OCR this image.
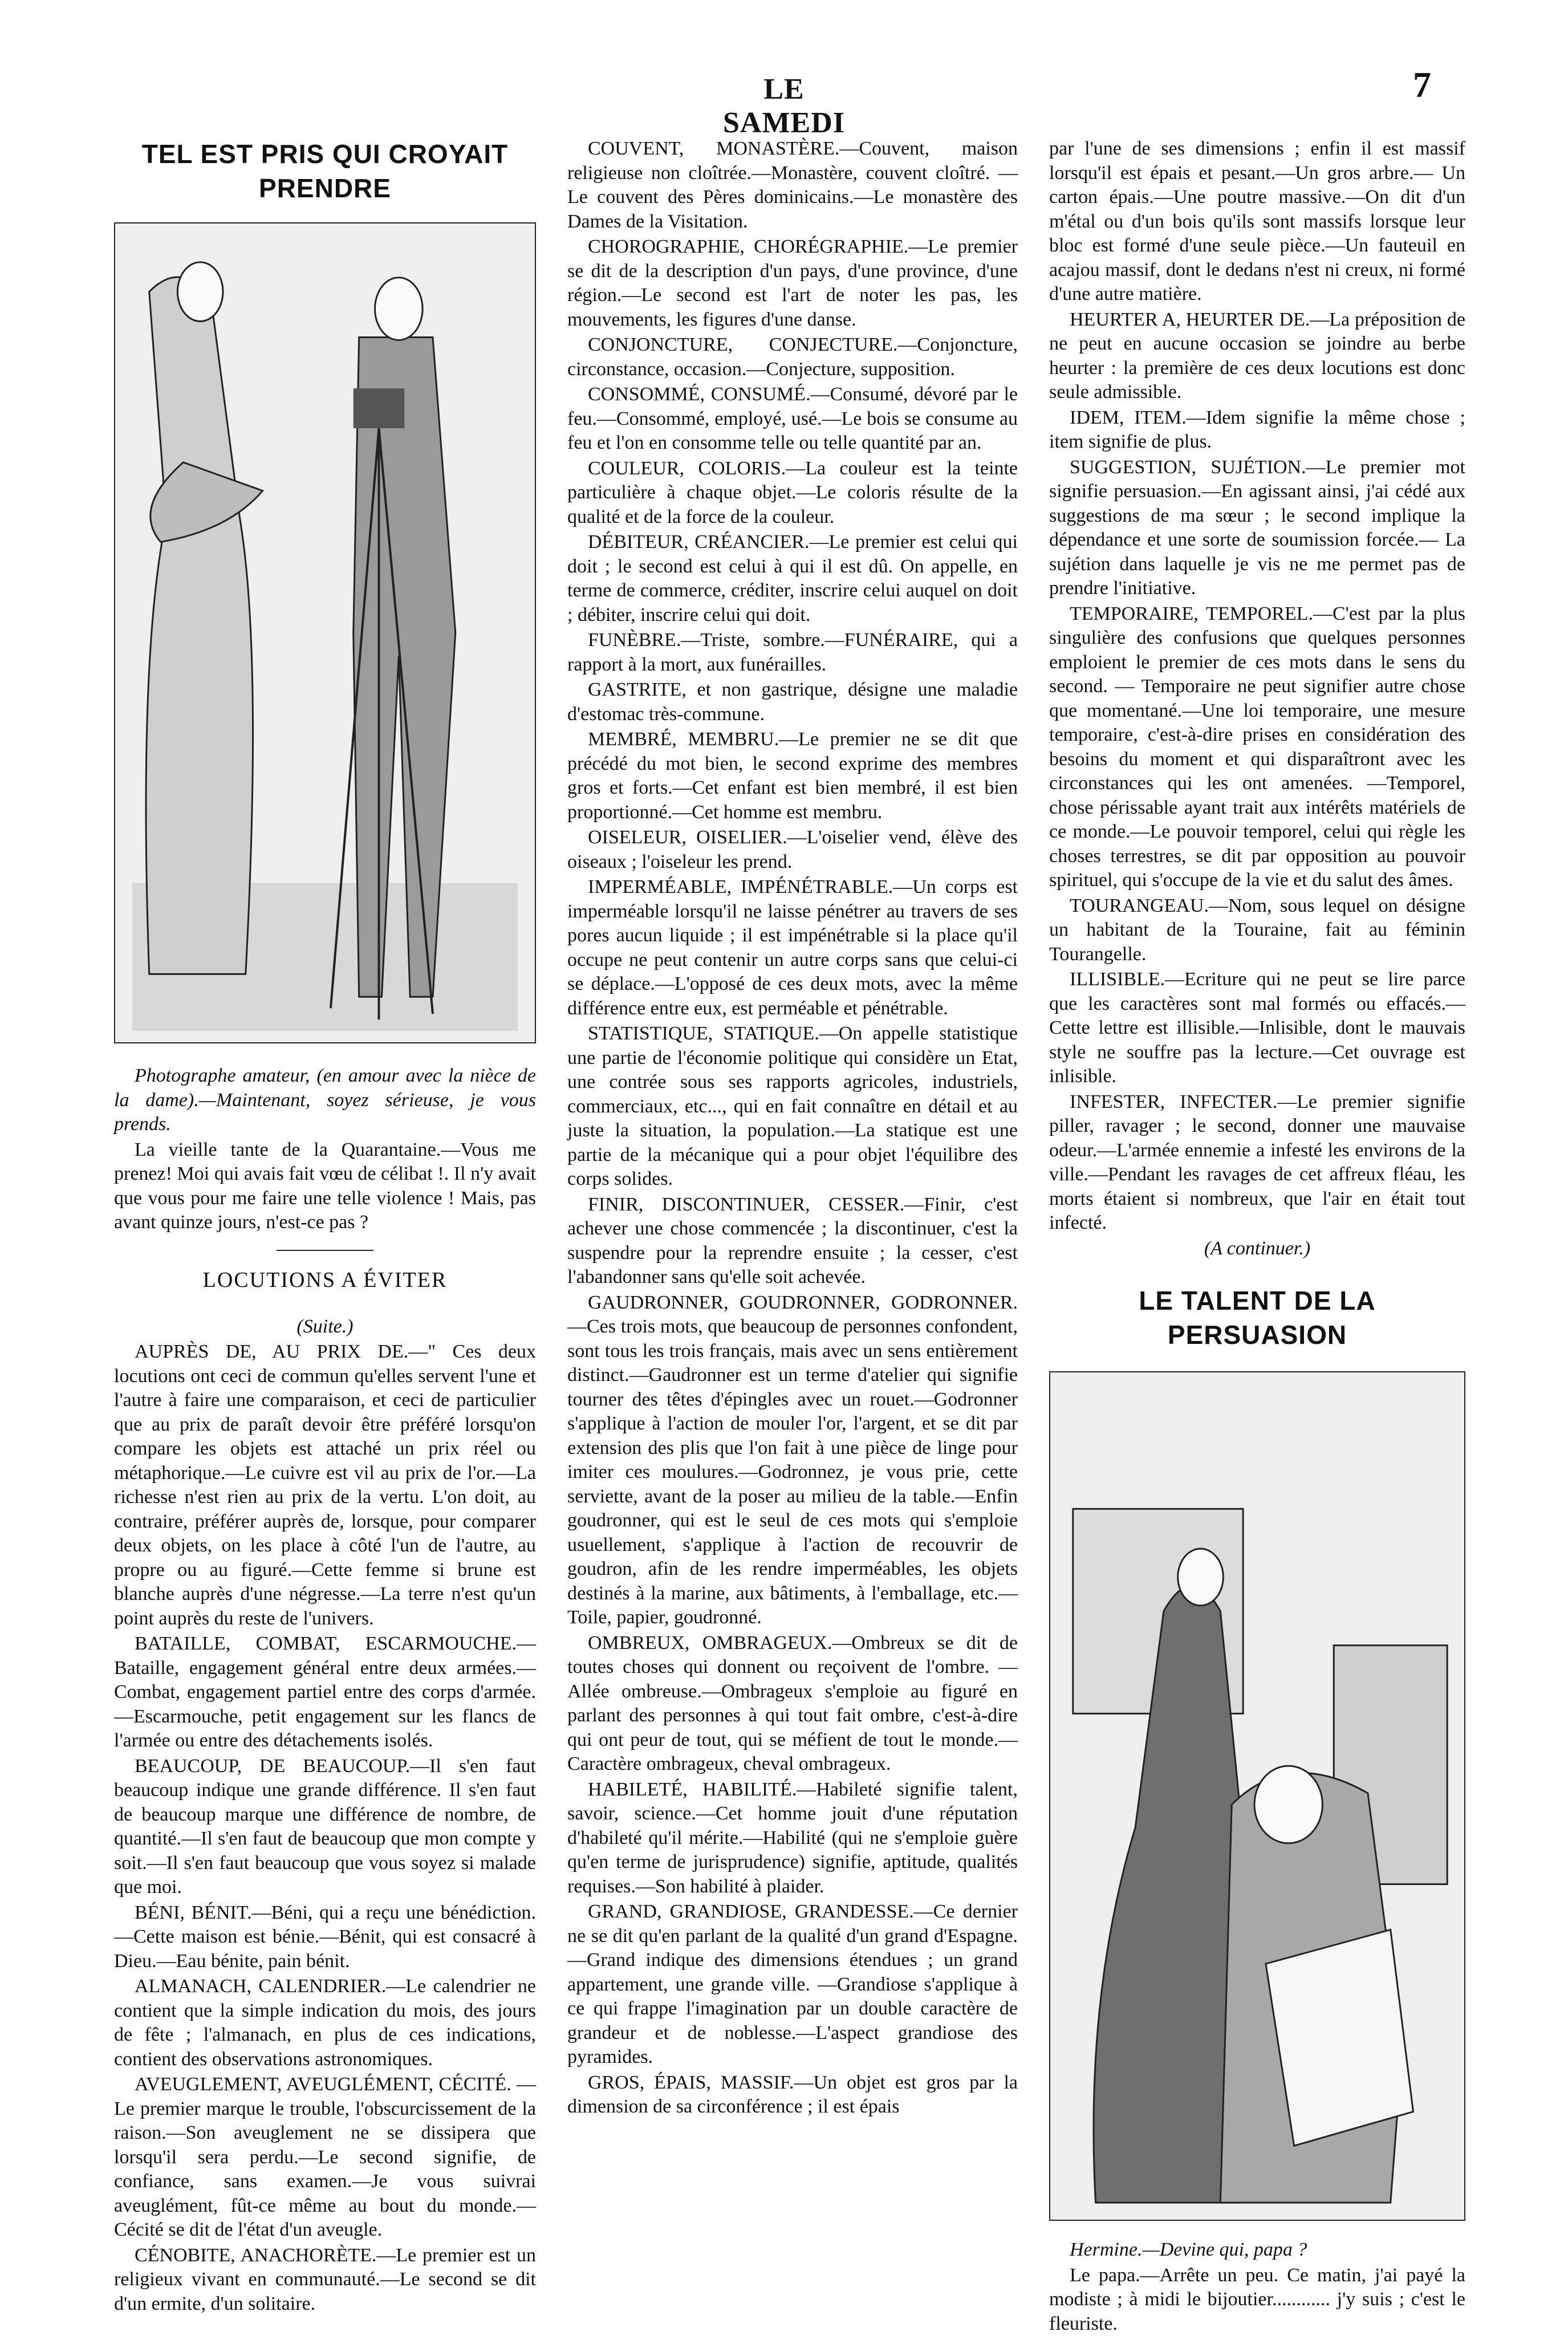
LE SAMEDI
7
TEL EST PRIS QUI CROYAIT PRENDRE

Photographe amateur, (en amour avec la nièce de la dame).—Maintenant, soyez sérieuse, je vous prends.

La vieille tante de la Quarantaine.—Vous me prenez! Moi qui avais fait vœu de célibat !. Il n'y avait que vous pour me faire une telle violence ! Mais, pas avant quinze jours, n'est-ce pas ?

LOCUTIONS A ÉVITER

(Suite.)

AUPRÈS DE, AU PRIX DE.—" Ces deux locutions ont ceci de commun qu'elles servent l'une et l'autre à faire une comparaison, et ceci de particulier que au prix de paraît devoir être préféré lorsqu'on compare les objets est attaché un prix réel ou métaphorique.—Le cuivre est vil au prix de l'or.—La richesse n'est rien au prix de la vertu. L'on doit, au contraire, préférer auprès de, lorsque, pour comparer deux objets, on les place à côté l'un de l'autre, au propre ou au figuré.—Cette femme si brune est blanche auprès d'une négresse.—La terre n'est qu'un point auprès du reste de l'univers.

BATAILLE, COMBAT, ESCARMOUCHE.—Bataille, engagement général entre deux armées.—Combat, engagement partiel entre des corps d'armée. —Escarmouche, petit engagement sur les flancs de l'armée ou entre des détachements isolés.

BEAUCOUP, DE BEAUCOUP.—Il s'en faut beaucoup indique une grande différence. Il s'en faut de beaucoup marque une différence de nombre, de quantité.—Il s'en faut de beaucoup que mon compte y soit.—Il s'en faut beaucoup que vous soyez si malade que moi.

BÉNI, BÉNIT.—Béni, qui a reçu une bénédiction.—Cette maison est bénie.—Bénit, qui est consacré à Dieu.—Eau bénite, pain bénit.

ALMANACH, CALENDRIER.—Le calendrier ne contient que la simple indication du mois, des jours de fête ; l'almanach, en plus de ces indications, contient des observations astronomiques.

AVEUGLEMENT, AVEUGLÉMENT, CÉCITÉ. — Le premier marque le trouble, l'obscurcissement de la raison.—Son aveuglement ne se dissipera que lorsqu'il sera perdu.—Le second signifie, de confiance, sans examen.—Je vous suivrai aveuglément, fût-ce même au bout du monde.—Cécité se dit de l'état d'un aveugle.

CÉNOBITE, ANACHORÈTE.—Le premier est un religieux vivant en communauté.—Le second se dit d'un ermite, d'un solitaire.

COUVENT, MONASTÈRE.—Couvent, maison religieuse non cloîtrée.—Monastère, couvent cloîtré. —Le couvent des Pères dominicains.—Le monastère des Dames de la Visitation.

CHOROGRAPHIE, CHORÉGRAPHIE.—Le premier se dit de la description d'un pays, d'une province, d'une région.—Le second est l'art de noter les pas, les mouvements, les figures d'une danse.

CONJONCTURE, CONJECTURE.—Conjoncture, circonstance, occasion.—Conjecture, supposition.

CONSOMMÉ, CONSUMÉ.—Consumé, dévoré par le feu.—Consommé, employé, usé.—Le bois se consume au feu et l'on en consomme telle ou telle quantité par an.

COULEUR, COLORIS.—La couleur est la teinte particulière à chaque objet.—Le coloris résulte de la qualité et de la force de la couleur.

DÉBITEUR, CRÉANCIER.—Le premier est celui qui doit ; le second est celui à qui il est dû. On appelle, en terme de commerce, créditer, inscrire celui auquel on doit ; débiter, inscrire celui qui doit.

FUNÈBRE.—Triste, sombre.—FUNÉRAIRE, qui a rapport à la mort, aux funérailles.

GASTRITE, et non gastrique, désigne une maladie d'estomac très-commune.

MEMBRÉ, MEMBRU.—Le premier ne se dit que précédé du mot bien, le second exprime des membres gros et forts.—Cet enfant est bien membré, il est bien proportionné.—Cet homme est membru.

OISELEUR, OISELIER.—L'oiselier vend, élève des oiseaux ; l'oiseleur les prend.

IMPERMÉABLE, IMPÉNÉTRABLE.—Un corps est imperméable lorsqu'il ne laisse pénétrer au travers de ses pores aucun liquide ; il est impénétrable si la place qu'il occupe ne peut contenir un autre corps sans que celui-ci se déplace.—L'opposé de ces deux mots, avec la même différence entre eux, est perméable et pénétrable.

STATISTIQUE, STATIQUE.—On appelle statistique une partie de l'économie politique qui considère un Etat, une contrée sous ses rapports agricoles, industriels, commerciaux, etc..., qui en fait connaître en détail et au juste la situation, la population.—La statique est une partie de la mécanique qui a pour objet l'équilibre des corps solides.

FINIR, DISCONTINUER, CESSER.—Finir, c'est achever une chose commencée ; la discontinuer, c'est la suspendre pour la reprendre ensuite ; la cesser, c'est l'abandonner sans qu'elle soit achevée.

GAUDRONNER, GOUDRONNER, GODRONNER.—Ces trois mots, que beaucoup de personnes confondent, sont tous les trois français, mais avec un sens entièrement distinct.—Gaudronner est un terme d'atelier qui signifie tourner des têtes d'épingles avec un rouet.—Godronner s'applique à l'action de mouler l'or, l'argent, et se dit par extension des plis que l'on fait à une pièce de linge pour imiter ces moulures.—Godronnez, je vous prie, cette serviette, avant de la poser au milieu de la table.—Enfin goudronner, qui est le seul de ces mots qui s'emploie usuellement, s'applique à l'action de recouvrir de goudron, afin de les rendre imperméables, les objets destinés à la marine, aux bâtiments, à l'emballage, etc.—Toile, papier, goudronné.

OMBREUX, OMBRAGEUX.—Ombreux se dit de toutes choses qui donnent ou reçoivent de l'ombre. —Allée ombreuse.—Ombrageux s'emploie au figuré en parlant des personnes à qui tout fait ombre, c'est-à-dire qui ont peur de tout, qui se méfient de tout le monde.—Caractère ombrageux, cheval ombrageux.

HABILETÉ, HABILITÉ.—Habileté signifie talent, savoir, science.—Cet homme jouit d'une réputation d'habileté qu'il mérite.—Habilité (qui ne s'emploie guère qu'en terme de jurisprudence) signifie, aptitude, qualités requises.—Son habilité à plaider.

GRAND, GRANDIOSE, GRANDESSE.—Ce dernier ne se dit qu'en parlant de la qualité d'un grand d'Espagne.—Grand indique des dimensions étendues ; un grand appartement, une grande ville. —Grandiose s'applique à ce qui frappe l'imagination par un double caractère de grandeur et de noblesse.—L'aspect grandiose des pyramides.

GROS, ÉPAIS, MASSIF.—Un objet est gros par la dimension de sa circonférence ; il est épais

par l'une de ses dimensions ; enfin il est massif lorsqu'il est épais et pesant.—Un gros arbre.— Un carton épais.—Une poutre massive.—On dit d'un m'étal ou d'un bois qu'ils sont massifs lorsque leur bloc est formé d'une seule pièce.—Un fauteuil en acajou massif, dont le dedans n'est ni creux, ni formé d'une autre matière.

HEURTER A, HEURTER DE.—La préposition de ne peut en aucune occasion se joindre au berbe heurter : la première de ces deux locutions est donc seule admissible.

IDEM, ITEM.—Idem signifie la même chose ; item signifie de plus.

SUGGESTION, SUJÉTION.—Le premier mot signifie persuasion.—En agissant ainsi, j'ai cédé aux suggestions de ma sœur ; le second implique la dépendance et une sorte de soumission forcée.— La sujétion dans laquelle je vis ne me permet pas de prendre l'initiative.

TEMPORAIRE, TEMPOREL.—C'est par la plus singulière des confusions que quelques personnes emploient le premier de ces mots dans le sens du second. — Temporaire ne peut signifier autre chose que momentané.—Une loi temporaire, une mesure temporaire, c'est-à-dire prises en considération des besoins du moment et qui disparaîtront avec les circonstances qui les ont amenées. —Temporel, chose périssable ayant trait aux intérêts matériels de ce monde.—Le pouvoir temporel, celui qui règle les choses terrestres, se dit par opposition au pouvoir spirituel, qui s'occupe de la vie et du salut des âmes.

TOURANGEAU.—Nom, sous lequel on désigne un habitant de la Touraine, fait au féminin Tourangelle.

ILLISIBLE.—Ecriture qui ne peut se lire parce que les caractères sont mal formés ou effacés.— Cette lettre est illisible.—Inlisible, dont le mauvais style ne souffre pas la lecture.—Cet ouvrage est inlisible.

INFESTER, INFECTER.—Le premier signifie piller, ravager ; le second, donner une mauvaise odeur.—L'armée ennemie a infesté les environs de la ville.—Pendant les ravages de cet affreux fléau, les morts étaient si nombreux, que l'air en était tout infecté.

(A continuer.)

LE TALENT DE LA PERSUASION

Hermine.—Devine qui, papa ?

Le papa.—Arrête un peu. Ce matin, j'ai payé la modiste ; à midi le bijoutier............ j'y suis ; c'est le fleuriste.
